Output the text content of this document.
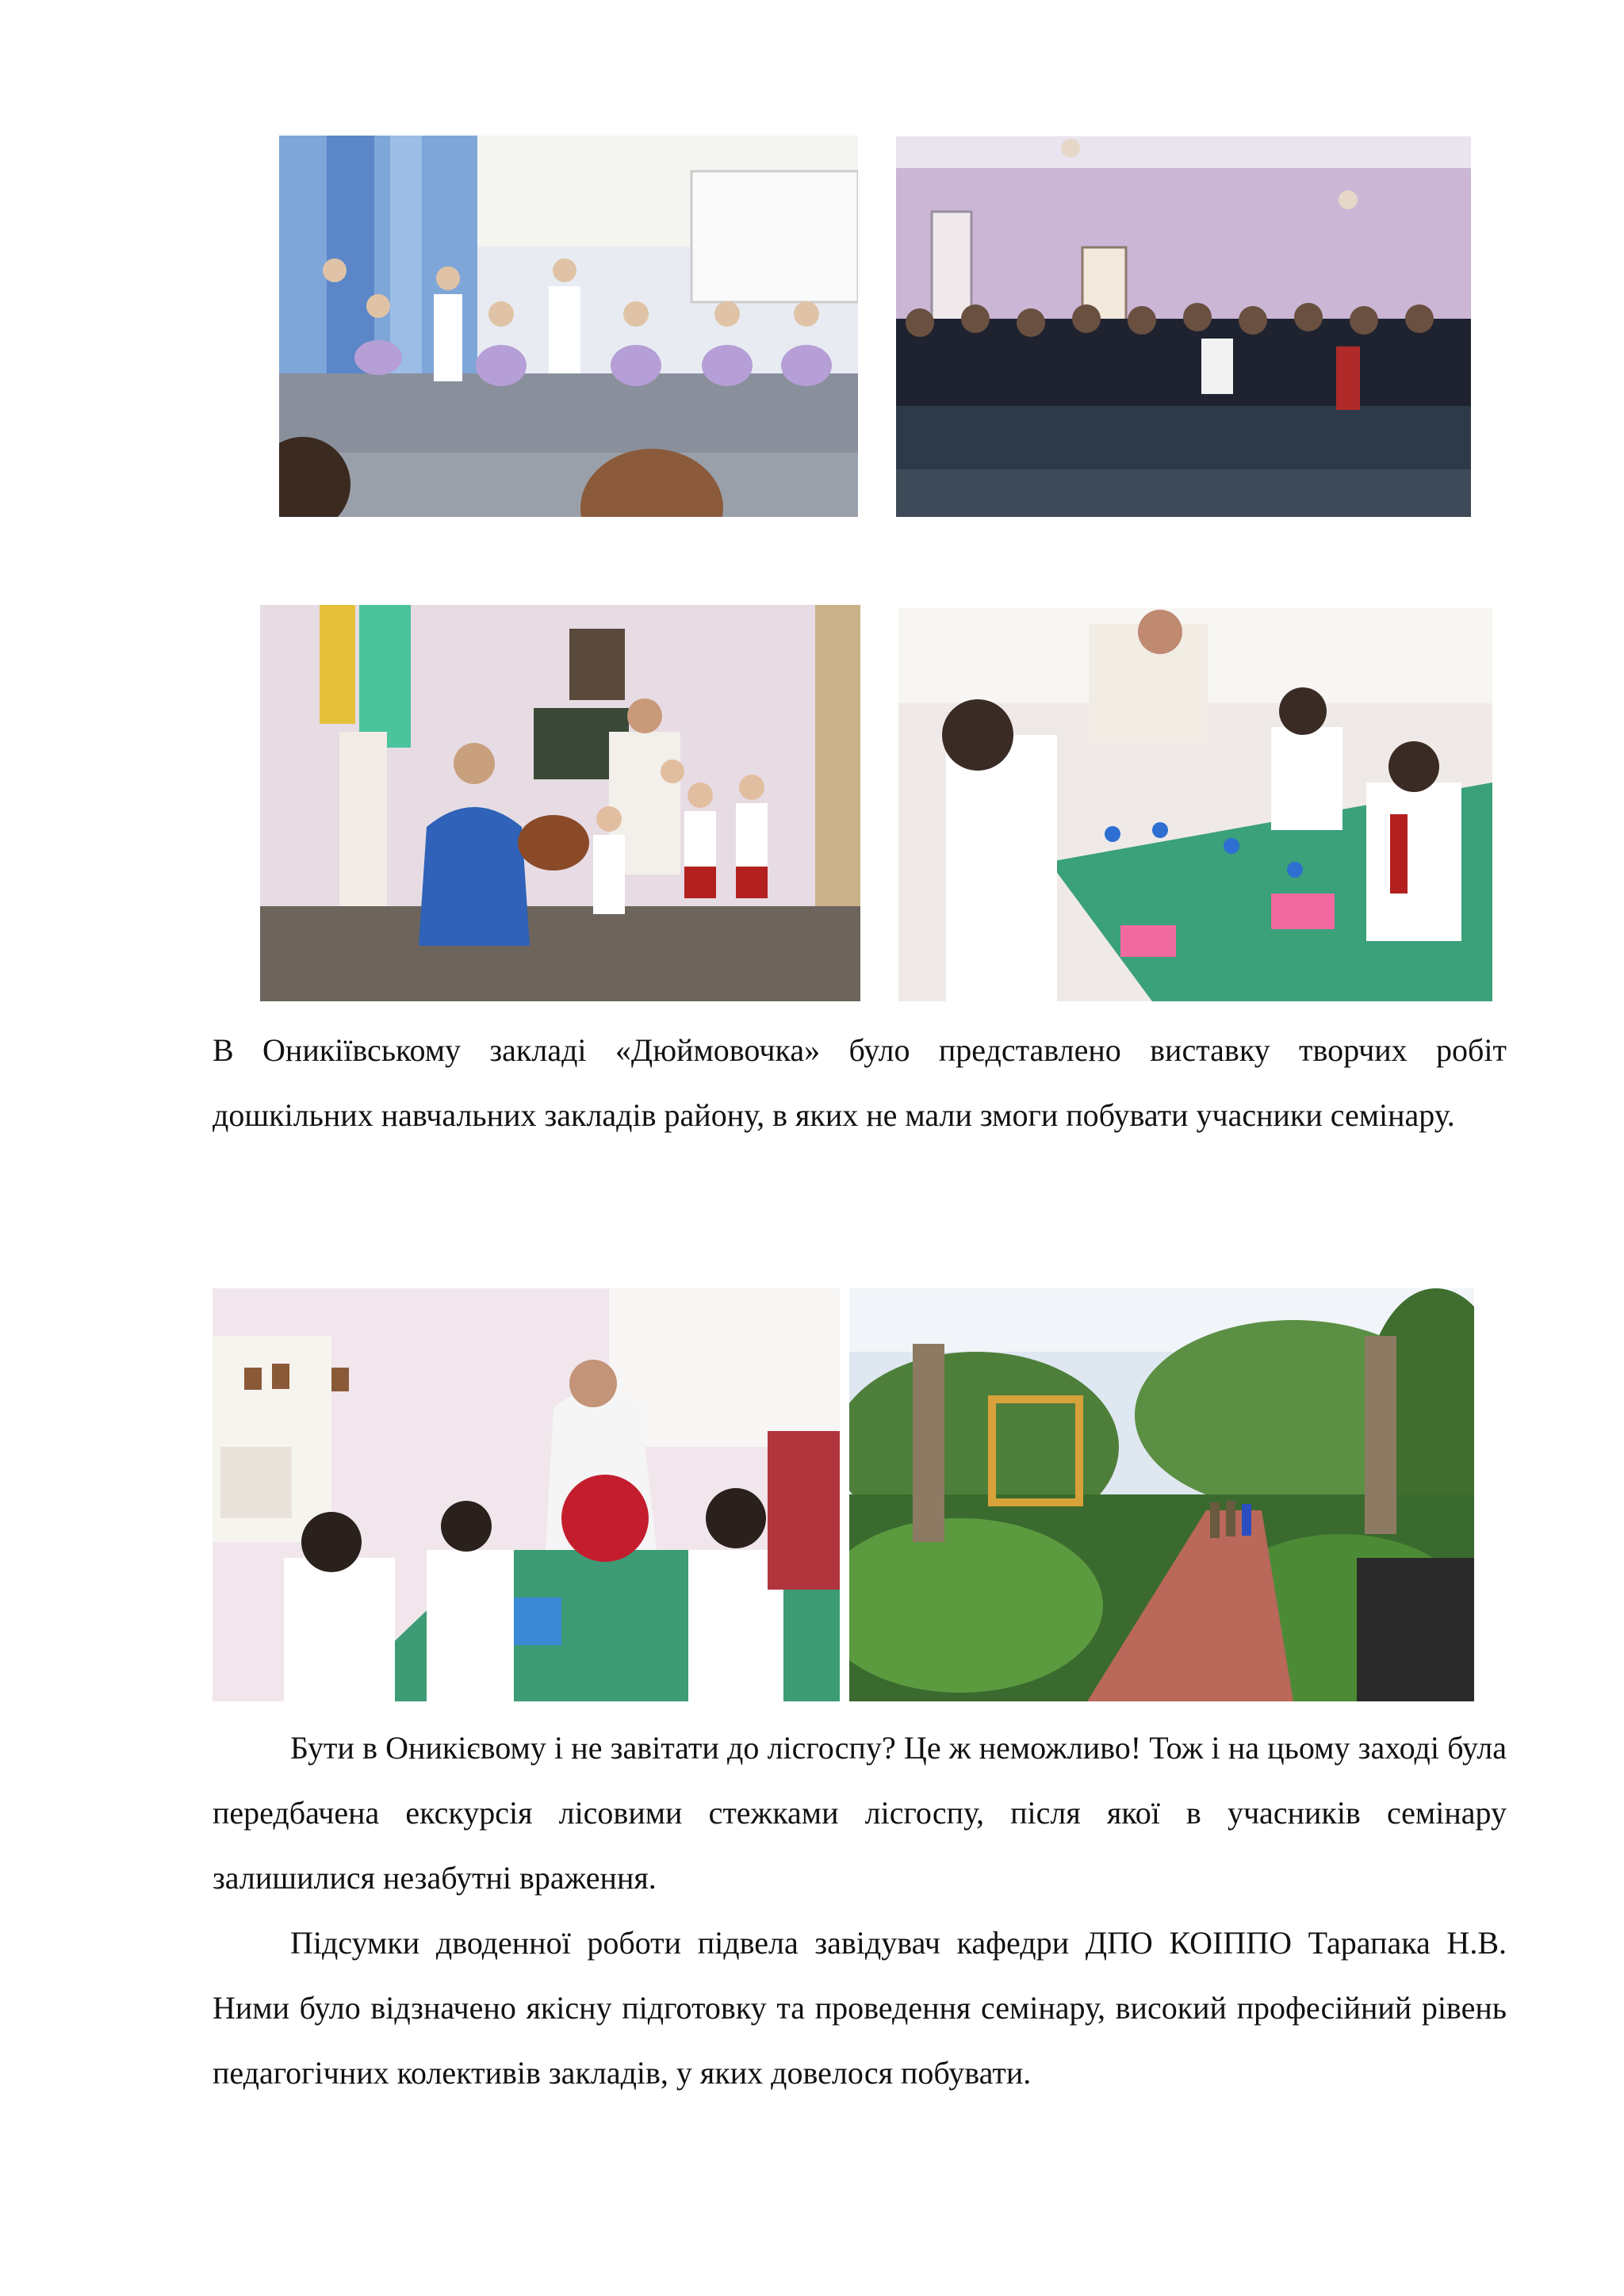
В Оникіївському закладі «Дюймовочка» було представлено виставку творчих робіт дошкільних навчальних закладів району, в яких не мали змоги побувати учасники семінару.

Бути в Оникієвому і не завітати до лісгоспу? Це ж неможливо! Тож і на цьому заході була передбачена екскурсія лісовими стежками лісгоспу, після якої в учасників семінару залишилися незабутні враження.

Підсумки дводенної роботи підвела завідувач кафедри ДПО КОІППО Тарапака Н.В. Ними було відзначено якісну підготовку та проведення семінару, високий професійний рівень педагогічних колективів закладів, у яких довелося побувати.
